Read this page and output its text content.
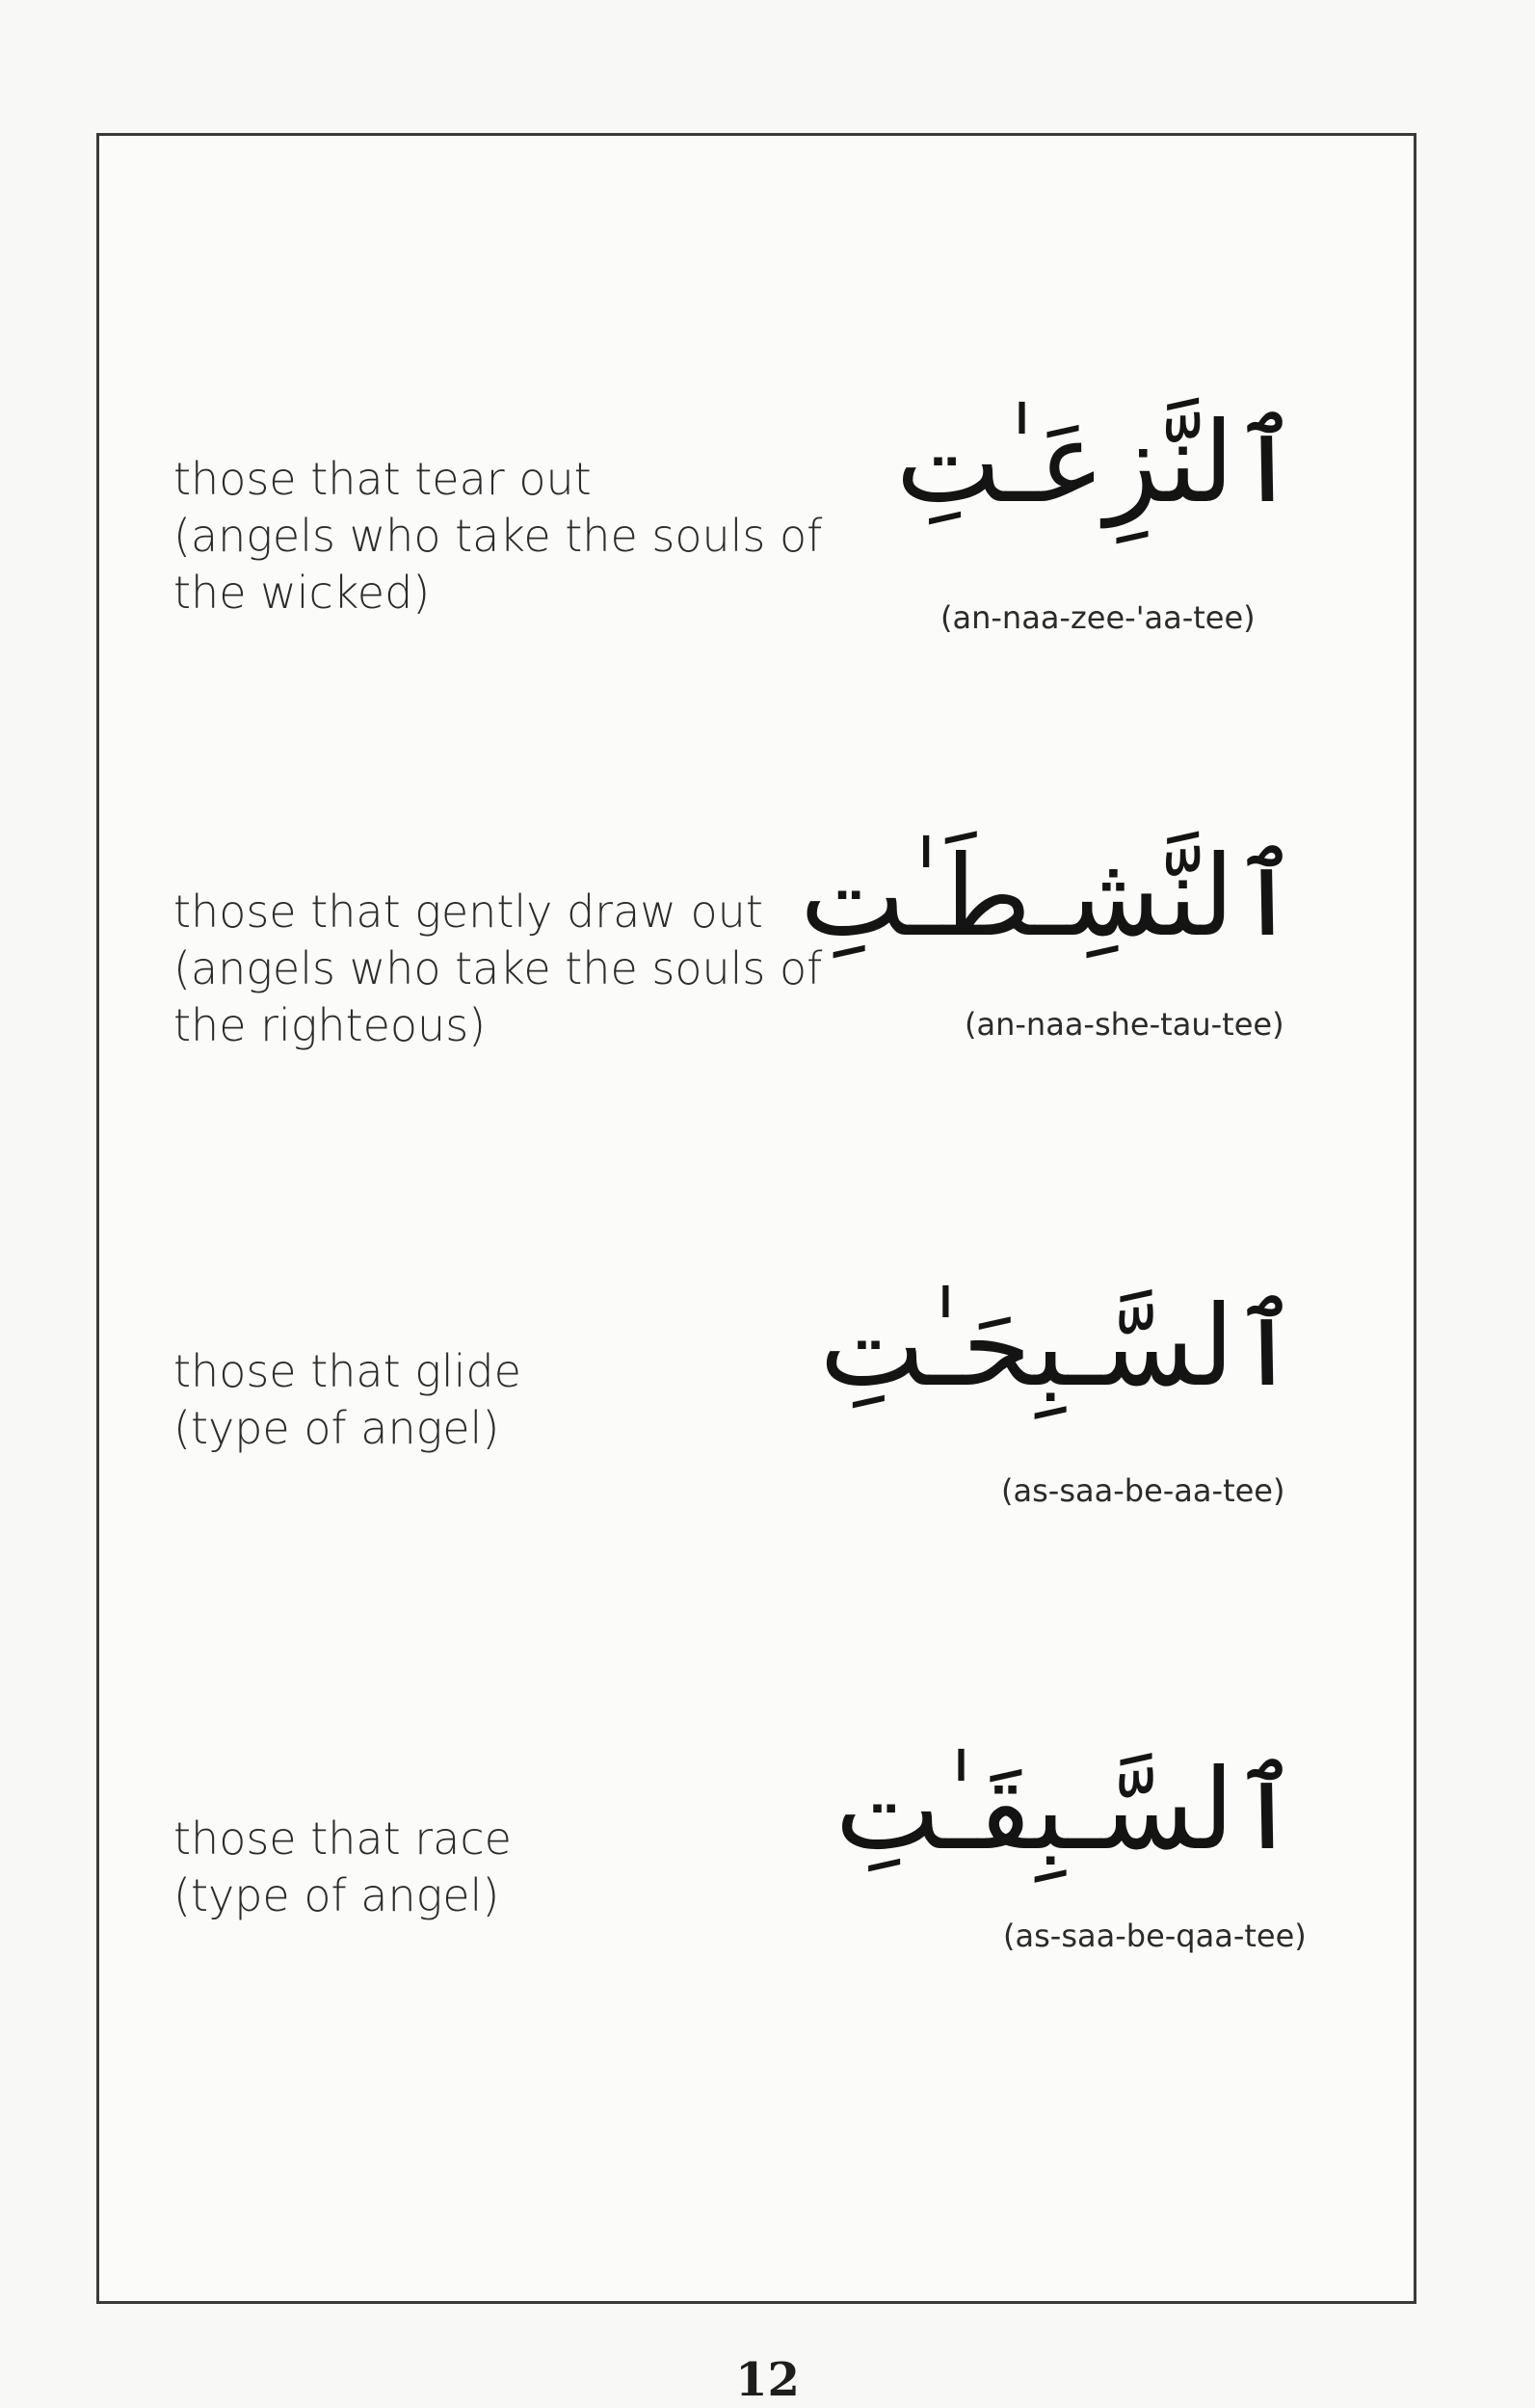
those that tear out
(angels who take the souls of
the wicked)
ٱلنَّزِعَـٰتِ
(an-naa-zee-'aa-tee)
those that gently draw out
(angels who take the souls of
the righteous)
ٱلنَّشِـطَـٰتِ
(an-naa-she-tau-tee)
those that glide
(type of angel)
ٱلسَّـبِحَـٰتِ
(as-saa-be-aa-tee)
those that race
(type of angel)
ٱلسَّـبِقَـٰتِ
(as-saa-be-qaa-tee)
12
